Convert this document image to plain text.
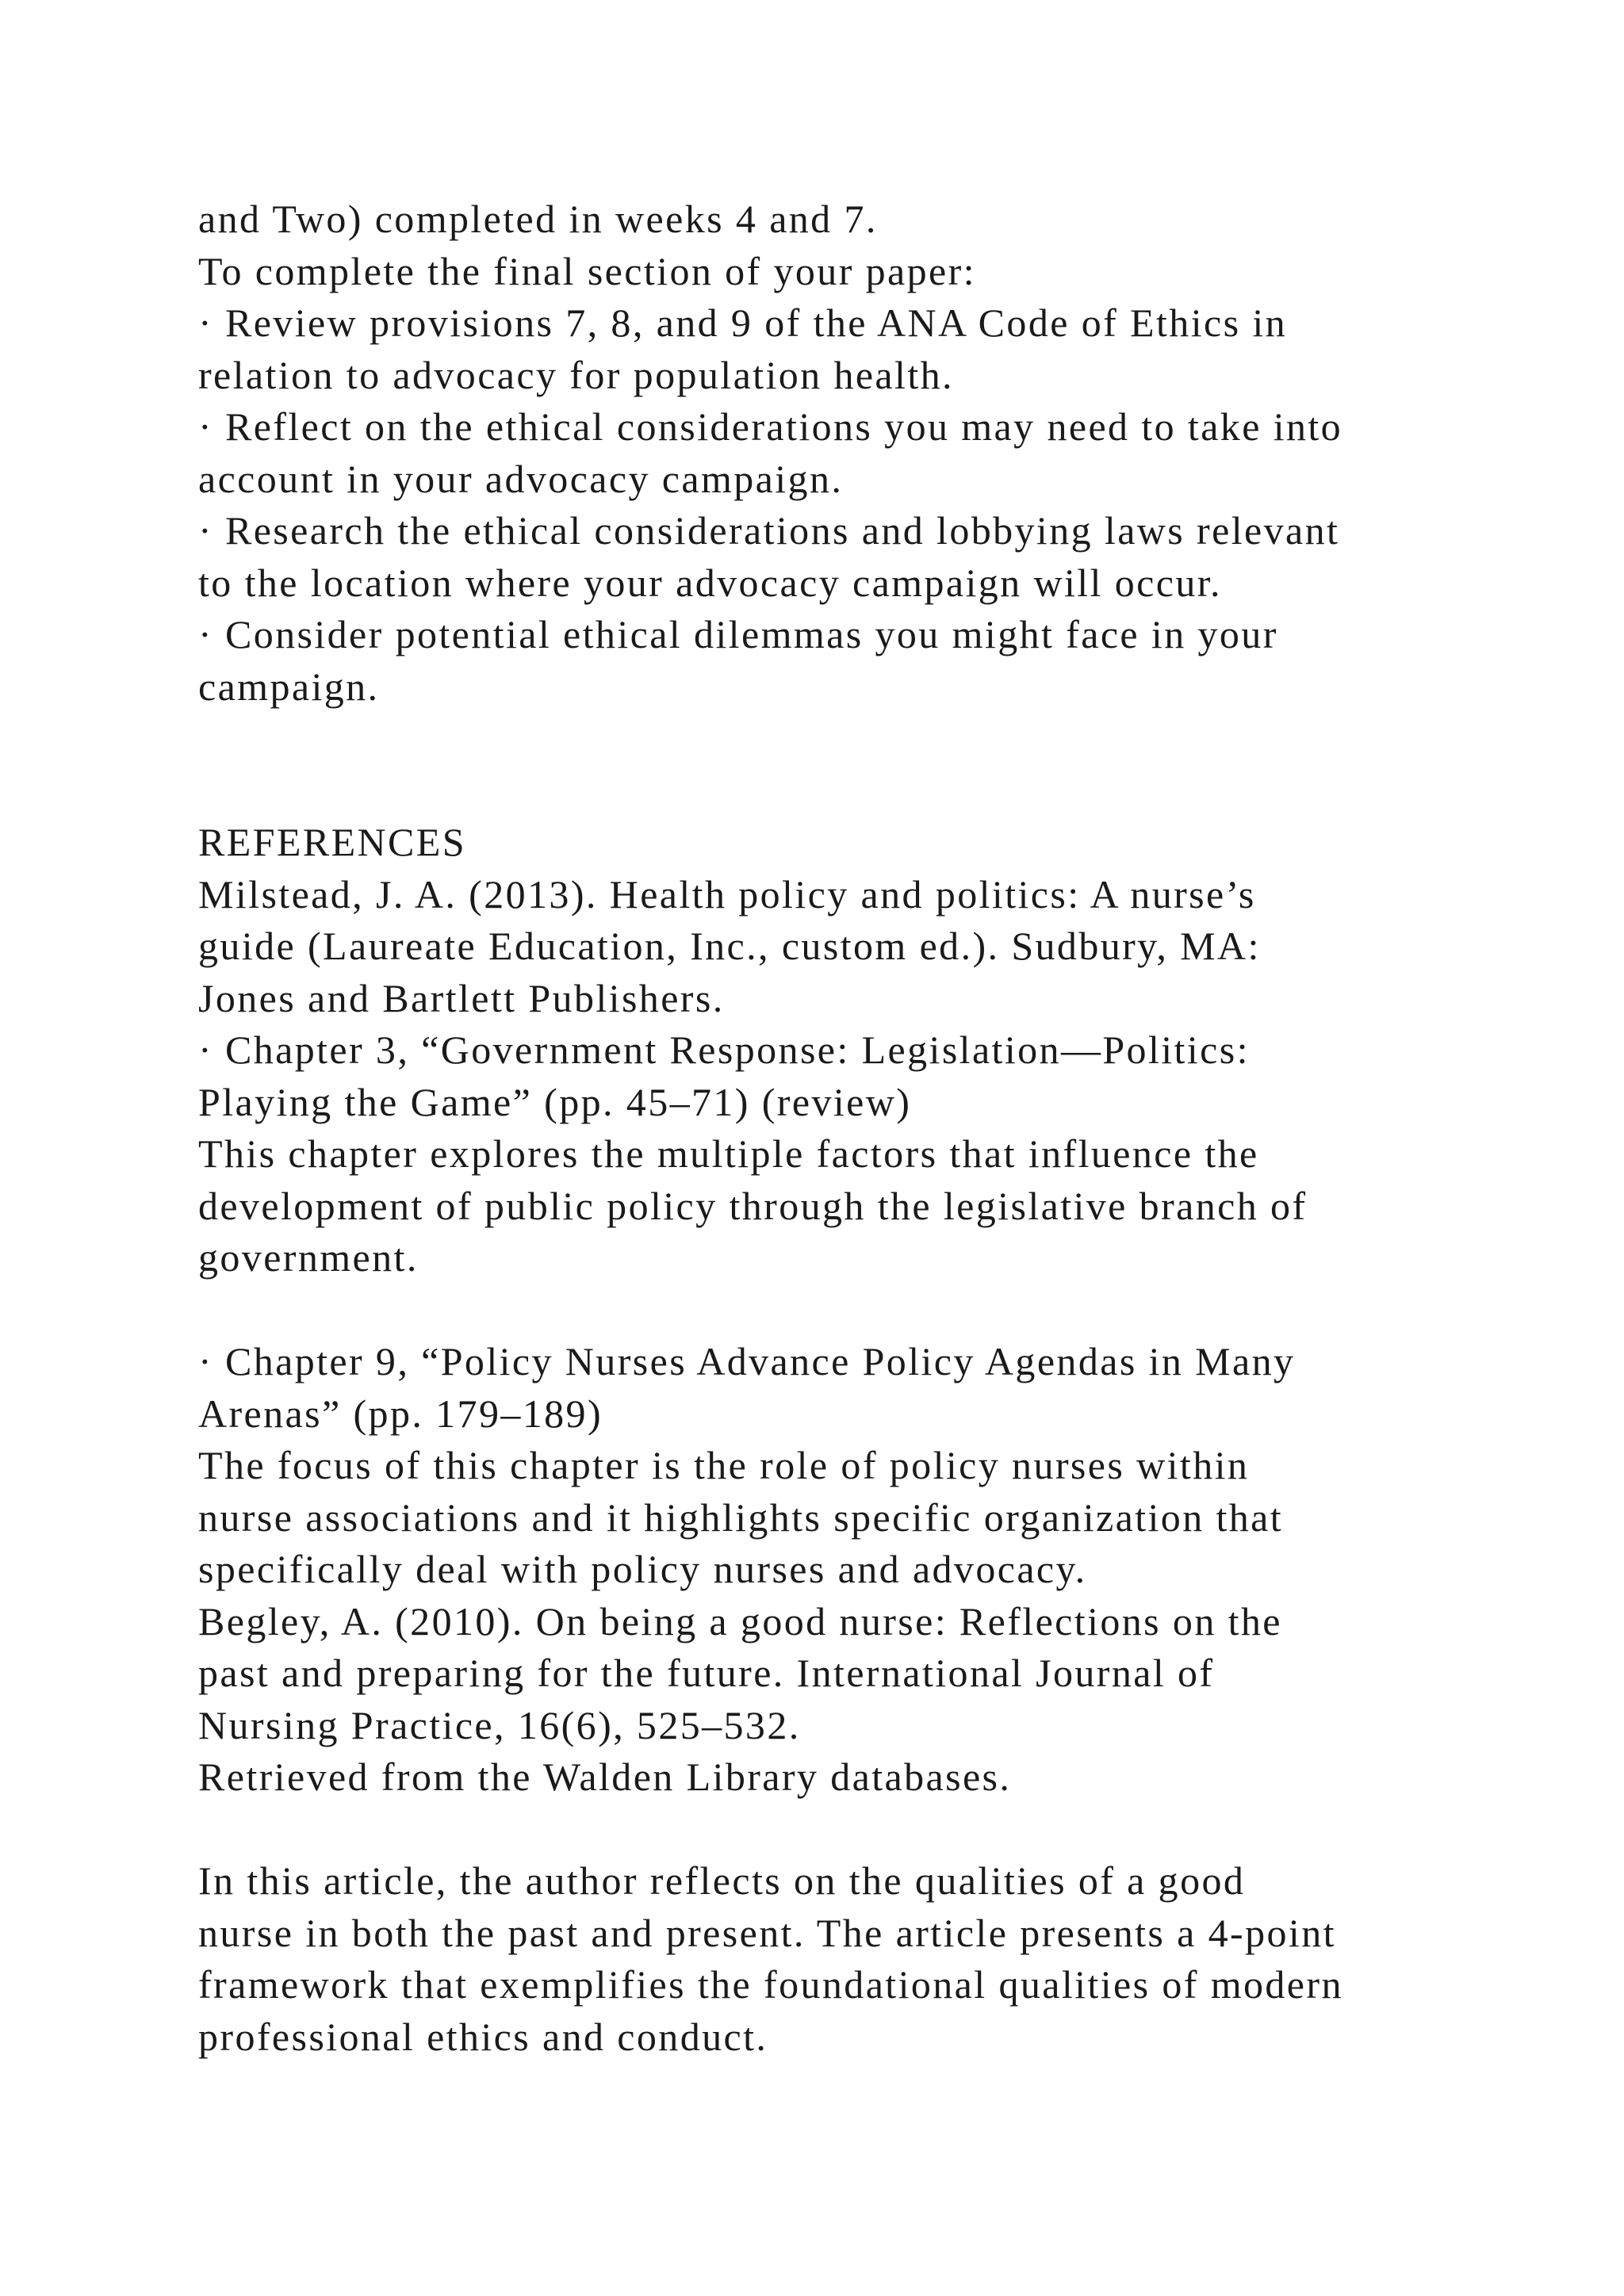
and Two) completed in weeks 4 and 7.
To complete the final section of your paper:
· Review provisions 7, 8, and 9 of the ANA Code of Ethics in
relation to advocacy for population health.
· Reflect on the ethical considerations you may need to take into
account in your advocacy campaign.
· Research the ethical considerations and lobbying laws relevant
to the location where your advocacy campaign will occur.
· Consider potential ethical dilemmas you might face in your
campaign.
REFERENCES
Milstead, J. A. (2013). Health policy and politics: A nurse’s
guide (Laureate Education, Inc., custom ed.). Sudbury, MA:
Jones and Bartlett Publishers.
· Chapter 3, “Government Response: Legislation—Politics:
Playing the Game” (pp. 45–71) (review)
This chapter explores the multiple factors that influence the
development of public policy through the legislative branch of
government.
· Chapter 9, “Policy Nurses Advance Policy Agendas in Many
Arenas” (pp. 179–189)
The focus of this chapter is the role of policy nurses within
nurse associations and it highlights specific organization that
specifically deal with policy nurses and advocacy.
Begley, A. (2010). On being a good nurse: Reflections on the
past and preparing for the future. International Journal of
Nursing Practice, 16(6), 525–532.
Retrieved from the Walden Library databases.
In this article, the author reflects on the qualities of a good
nurse in both the past and present. The article presents a 4-point
framework that exemplifies the foundational qualities of modern
professional ethics and conduct.
